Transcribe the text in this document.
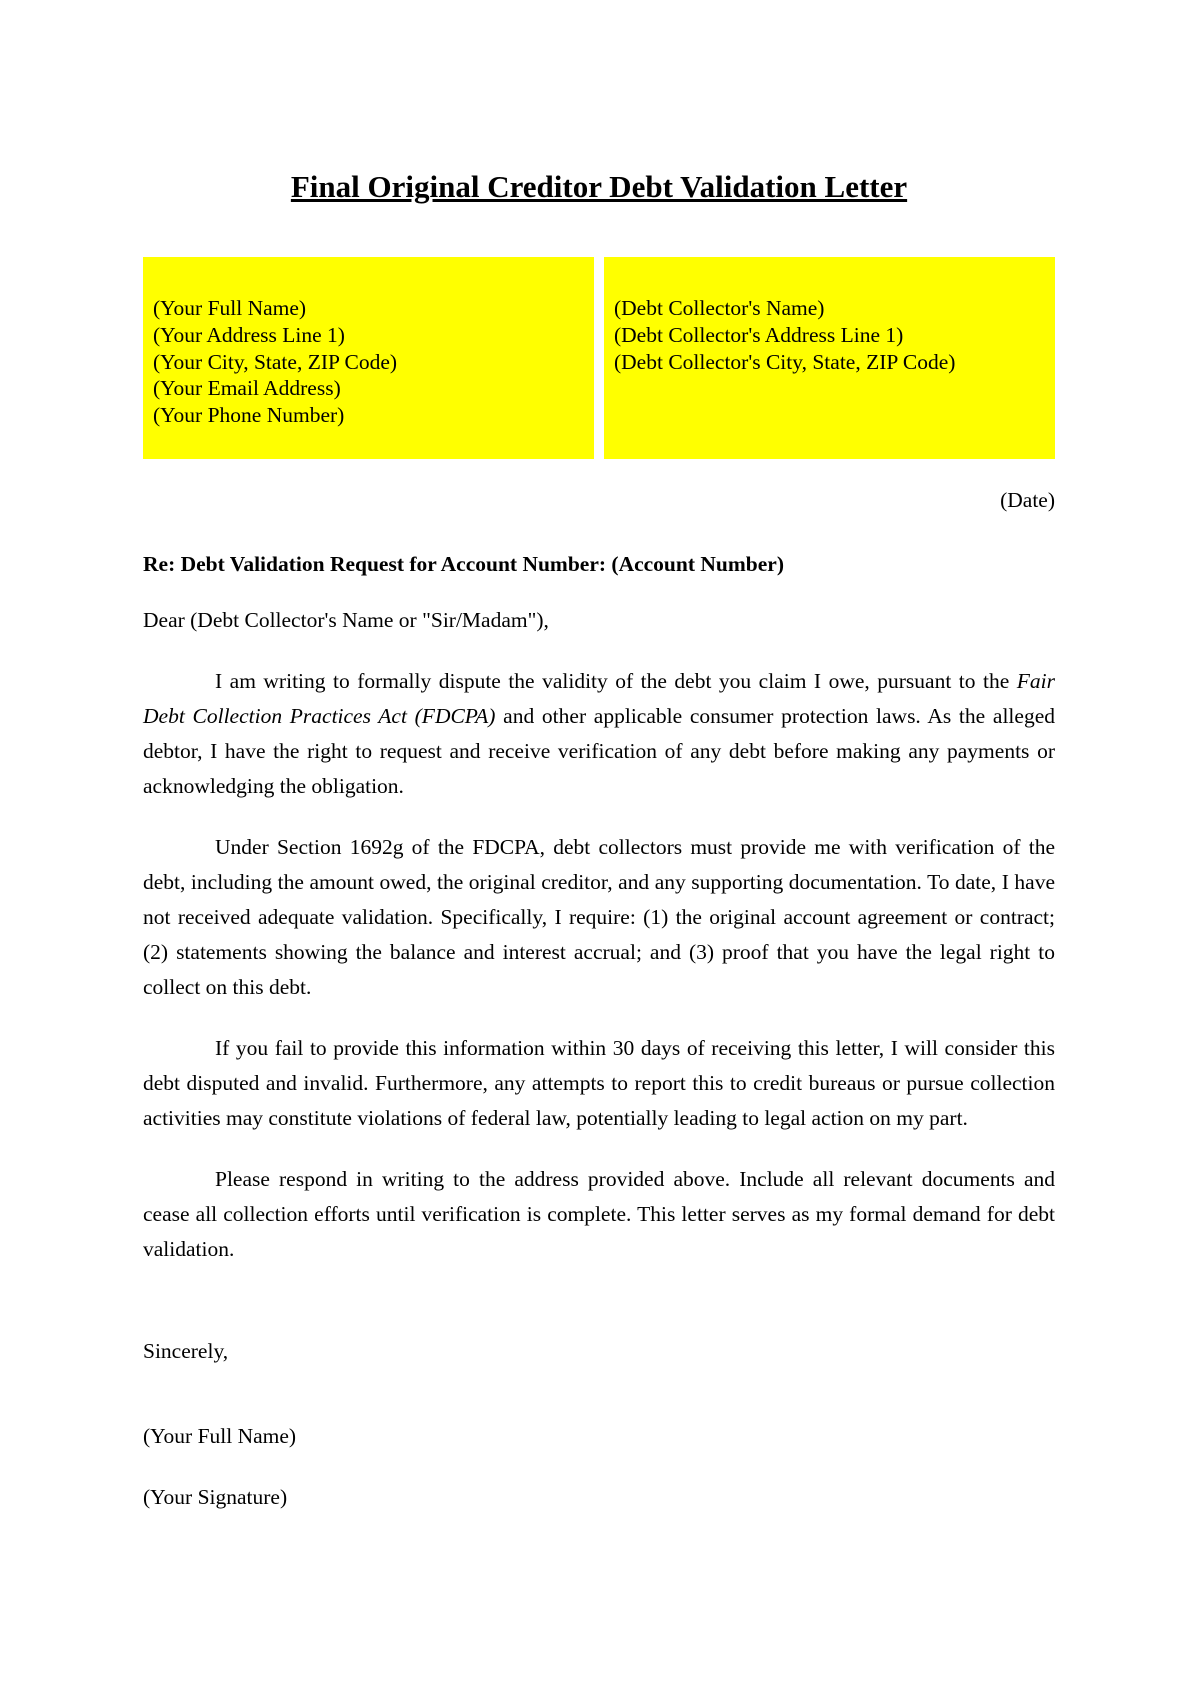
Final Original Creditor Debt Validation Letter
(Your Full Name)
(Your Address Line 1)
(Your City, State, ZIP Code)
(Your Email Address)
(Your Phone Number)
(Debt Collector's Name)
(Debt Collector's Address Line 1)
(Debt Collector's City, State, ZIP Code)
(Date)
Re: Debt Validation Request for Account Number: (Account Number)
Dear (Debt Collector's Name or "Sir/Madam"),
I am writing to formally dispute the validity of the debt you claim I owe, pursuant to the Fair Debt Collection Practices Act (FDCPA) and other applicable consumer protection laws. As the alleged debtor, I have the right to request and receive verification of any debt before making any payments or acknowledging the obligation.
Under Section 1692g of the FDCPA, debt collectors must provide me with verification of the debt, including the amount owed, the original creditor, and any supporting documentation. To date, I have not received adequate validation. Specifically, I require: (1) the original account agreement or contract; (2) statements showing the balance and interest accrual; and (3) proof that you have the legal right to collect on this debt.
If you fail to provide this information within 30 days of receiving this letter, I will consider this debt disputed and invalid. Furthermore, any attempts to report this to credit bureaus or pursue collection activities may constitute violations of federal law, potentially leading to legal action on my part.
Please respond in writing to the address provided above. Include all relevant documents and cease all collection efforts until verification is complete. This letter serves as my formal demand for debt validation.
Sincerely,
(Your Full Name)
(Your Signature)
